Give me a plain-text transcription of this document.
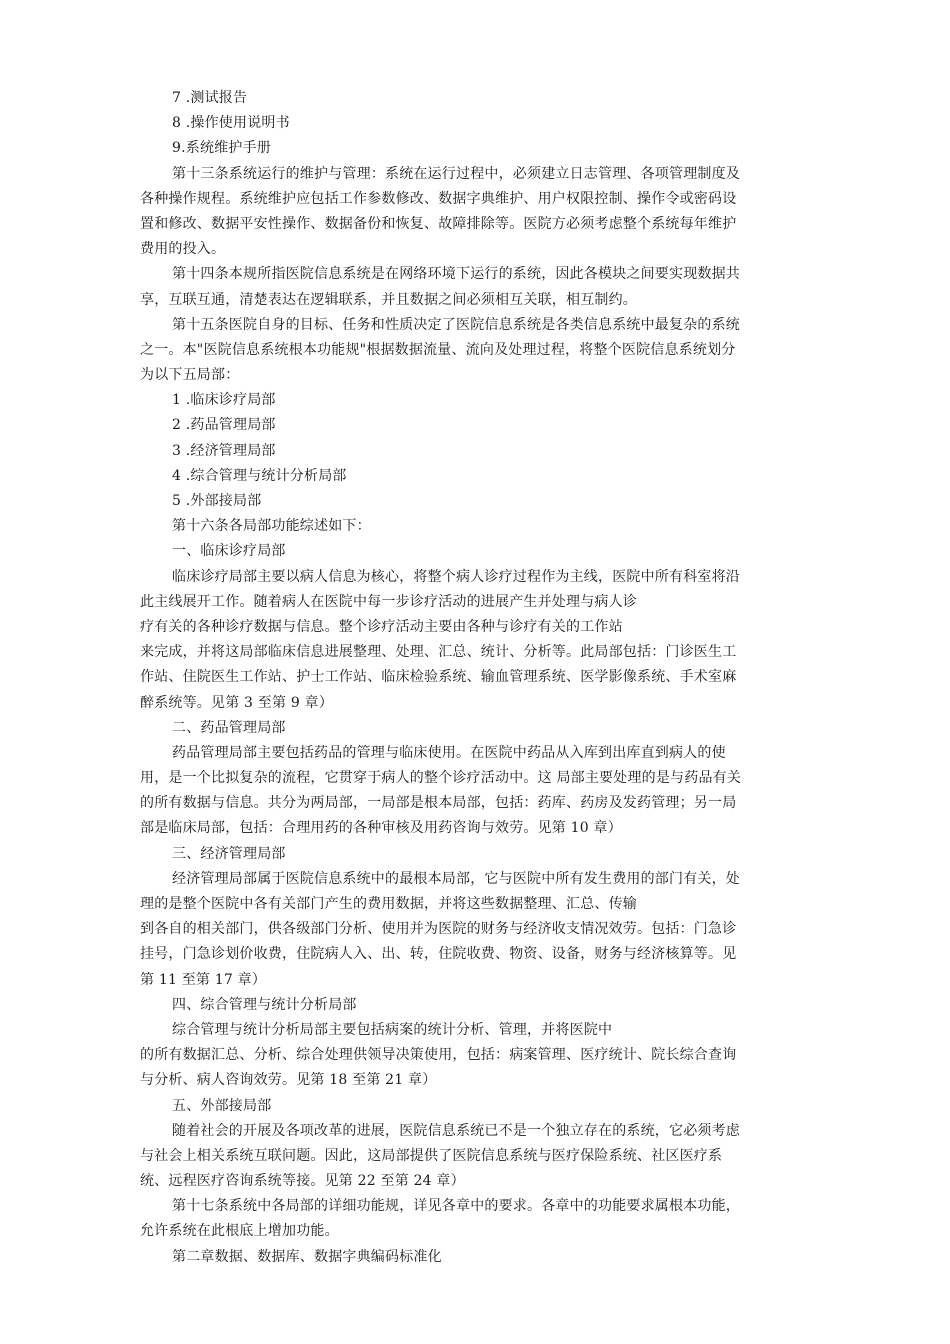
7 .测试报告
8 .操作使用说明书
9.系统维护手册
第十三条系统运行的维护与管理：系统在运行过程中，必须建立日志管理、各项管理制度及
各种操作规程。系统维护应包括工作参数修改、数据字典维护、用户权限控制、操作令或密码设
置和修改、数据平安性操作、数据备份和恢复、故障排除等。医院方必须考虑整个系统每年维护
费用的投入。
第十四条本规所指医院信息系统是在网络环境下运行的系统，因此各模块之间要实现数据共
享，互联互通，清楚表达在逻辑联系，并且数据之间必须相互关联，相互制约。
第十五条医院自身的目标、任务和性质决定了医院信息系统是各类信息系统中最复杂的系统
之一。本"医院信息系统根本功能规"根据数据流量、流向及处理过程，将整个医院信息系统划分
为以下五局部：
1 .临床诊疗局部
2 .药品管理局部
3 .经济管理局部
4 .综合管理与统计分析局部
5 .外部接局部
第十六条各局部功能综述如下：
一、临床诊疗局部
临床诊疗局部主要以病人信息为核心，将整个病人诊疗过程作为主线，医院中所有科室将沿
此主线展开工作。随着病人在医院中每一步诊疗活动的进展产生并处理与病人诊
疗有关的各种诊疗数据与信息。整个诊疗活动主要由各种与诊疗有关的工作站
来完成，并将这局部临床信息进展整理、处理、汇总、统计、分析等。此局部包括：门诊医生工
作站、住院医生工作站、护士工作站、临床检验系统、输血管理系统、医学影像系统、手术室麻
醉系统等。见第 3 至第 9 章）
二、药品管理局部
药品管理局部主要包括药品的管理与临床使用。在医院中药品从入库到出库直到病人的使
用，是一个比拟复杂的流程，它贯穿于病人的整个诊疗活动中。这 局部主要处理的是与药品有关
的所有数据与信息。共分为两局部，一局部是根本局部，包括：药库、药房及发药管理；另一局
部是临床局部，包括：合理用药的各种审核及用药咨询与效劳。见第 10 章）
三、经济管理局部
经济管理局部属于医院信息系统中的最根本局部，它与医院中所有发生费用的部门有关，处
理的是整个医院中各有关部门产生的费用数据，并将这些数据整理、汇总、传输
到各自的相关部门，供各级部门分析、使用并为医院的财务与经济收支情况效劳。包括：门急诊
挂号，门急诊划价收费，住院病人入、出、转，住院收费、物资、设备，财务与经济核算等。见
第 11 至第 17 章）
四、综合管理与统计分析局部
综合管理与统计分析局部主要包括病案的统计分析、管理，并将医院中
的所有数据汇总、分析、综合处理供领导决策使用，包括：病案管理、医疗统计、院长综合查询
与分析、病人咨询效劳。见第 18 至第 21 章）
五、外部接局部
随着社会的开展及各项改革的进展，医院信息系统已不是一个独立存在的系统，它必须考虑
与社会上相关系统互联问题。因此，这局部提供了医院信息系统与医疗保险系统、社区医疗系
统、远程医疗咨询系统等接。见第 22 至第 24 章）
第十七条系统中各局部的详细功能规，详见各章中的要求。各章中的功能要求属根本功能，
允许系统在此根底上增加功能。
第二章数据、数据库、数据字典编码标准化
